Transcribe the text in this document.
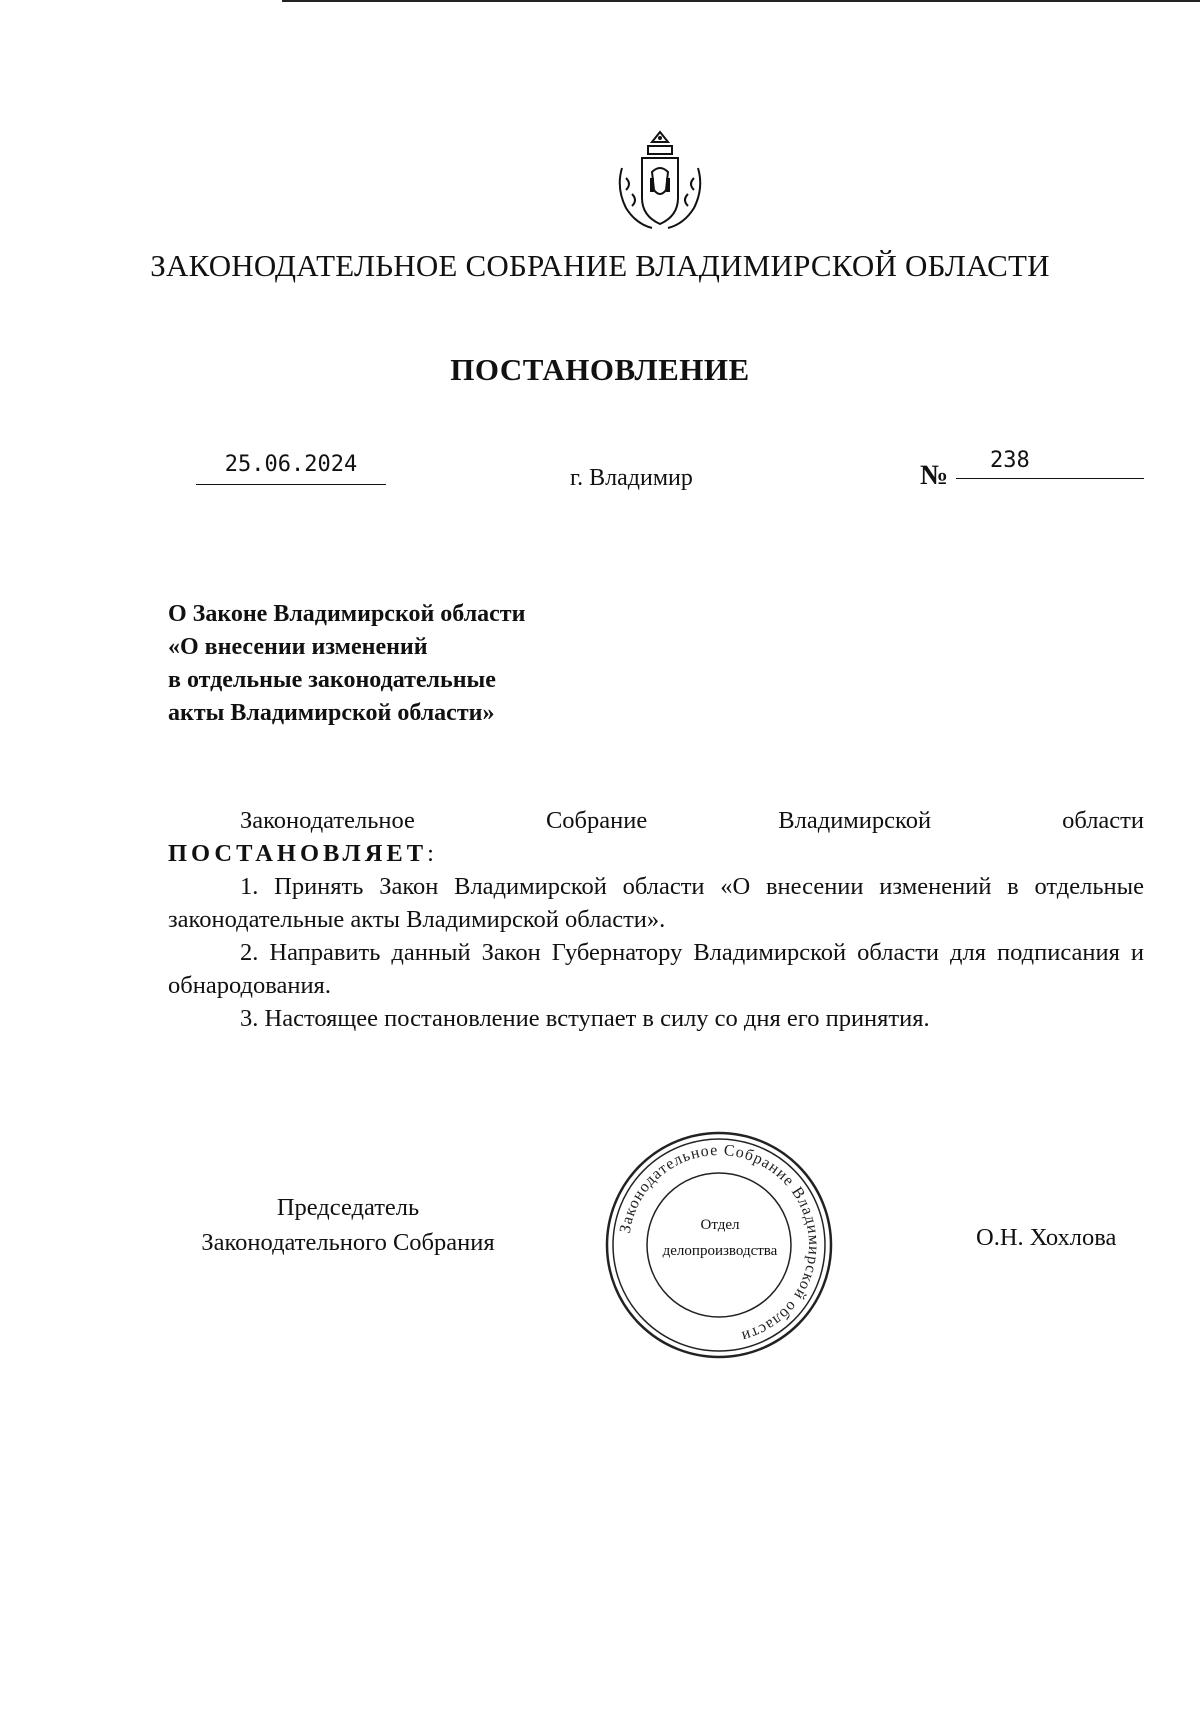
ЗАКОНОДАТЕЛЬНОЕ СОБРАНИЕ ВЛАДИМИРСКОЙ ОБЛАСТИ
ПОСТАНОВЛЕНИЕ
25.06.2024
г. Владимир	№ 238
О Законе Владимирской области
«О внесении изменений
в отдельные законодательные
акты Владимирской области»
Законодательное	Собрание	Владимирской	области
ПОСТАНОВЛЯЕТ:

1. Принять Закон Владимирской области «О внесении изменений в отдельные законодательные акты Владимирской области».

2. Направить данный Закон Губернатору Владимирской области для подписания и обнародования.

3. Настоящее постановление вступает в силу со дня его принятия.

Председатель
Законодательного Собрания	О.Н. Хохлова
Законодательное Собрание Владимирской области
Отдел
делопроизводства
